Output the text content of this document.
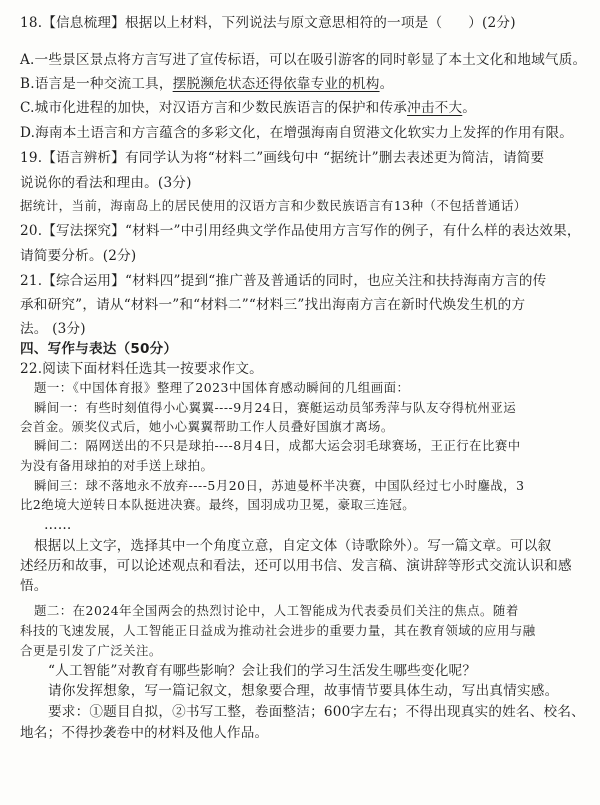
18.【信息梳理】根据以上材料，下列说法与原文意思相符的一项是（ ）(2分)
A.一些景区景点将方言写进了宣传标语，可以在吸引游客的同时彰显了本土文化和地域气质。
B.语言是一种交流工具，摆脱濒危状态还得依靠专业的机构。
C.城市化进程的加快，对汉语方言和少数民族语言的保护和传承冲击不大。
D.海南本土语言和方言蕴含的多彩文化，在增强海南自贸港文化软实力上发挥的作用有限。
19.【语言辨析】有同学认为将“材料二”画线句中 “据统计”删去表述更为简洁，请简要
说说你的看法和理由。(3分)
据统计，当前，海南岛上的居民使用的汉语方言和少数民族语言有13种（不包括普通话）
20.【写法探究】“材料一”中引用经典文学作品使用方言写作的例子，有什么样的表达效果，
请简要分析。(2分)
21.【综合运用】“材料四”提到“推广普及普通话的同时，也应关注和扶持海南方言的传
承和研究”，请从“材料一”和“材料二”“材料三”找出海南方言在新时代焕发生机的方
法。 (3分)
四、写作与表达（50分）
22.阅读下面材料任选其一按要求作文。
题一：《中国体育报》整理了2023中国体育感动瞬间的几组画面：
瞬间一：有些时刻值得小心翼翼----9月24日，赛艇运动员邹秀萍与队友夺得杭州亚运
会首金。颁奖仪式后，她小心翼翼帮助工作人员叠好国旗才离场。
瞬间二：隔网送出的不只是球拍----8月4日，成都大运会羽毛球赛场，王正行在比赛中
为没有备用球拍的对手送上球拍。
瞬间三：球不落地永不放弃----5月20日，苏迪曼杯半决赛，中国队经过七小时鏖战，3
比2绝境大逆转日本队挺进决赛。最终，国羽成功卫冕，豪取三连冠。
……
根据以上文字，选择其中一个角度立意，自定文体（诗歌除外）。写一篇文章。可以叙
述经历和故事，可以论述观点和看法，还可以用书信、发言稿、演讲辞等形式交流认识和感
悟。
题二：在2024年全国两会的热烈讨论中，人工智能成为代表委员们关注的焦点。随着
科技的飞速发展，人工智能正日益成为推动社会进步的重要力量，其在教育领域的应用与融
合更是引发了广泛关注。
“人工智能”对教育有哪些影响？会让我们的学习生活发生哪些变化呢？
请你发挥想象，写一篇记叙文，想象要合理，故事情节要具体生动，写出真情实感。
要求：①题目自拟，②书写工整，卷面整洁；600字左右；不得出现真实的姓名、校名、
地名；不得抄袭卷中的材料及他人作品。
